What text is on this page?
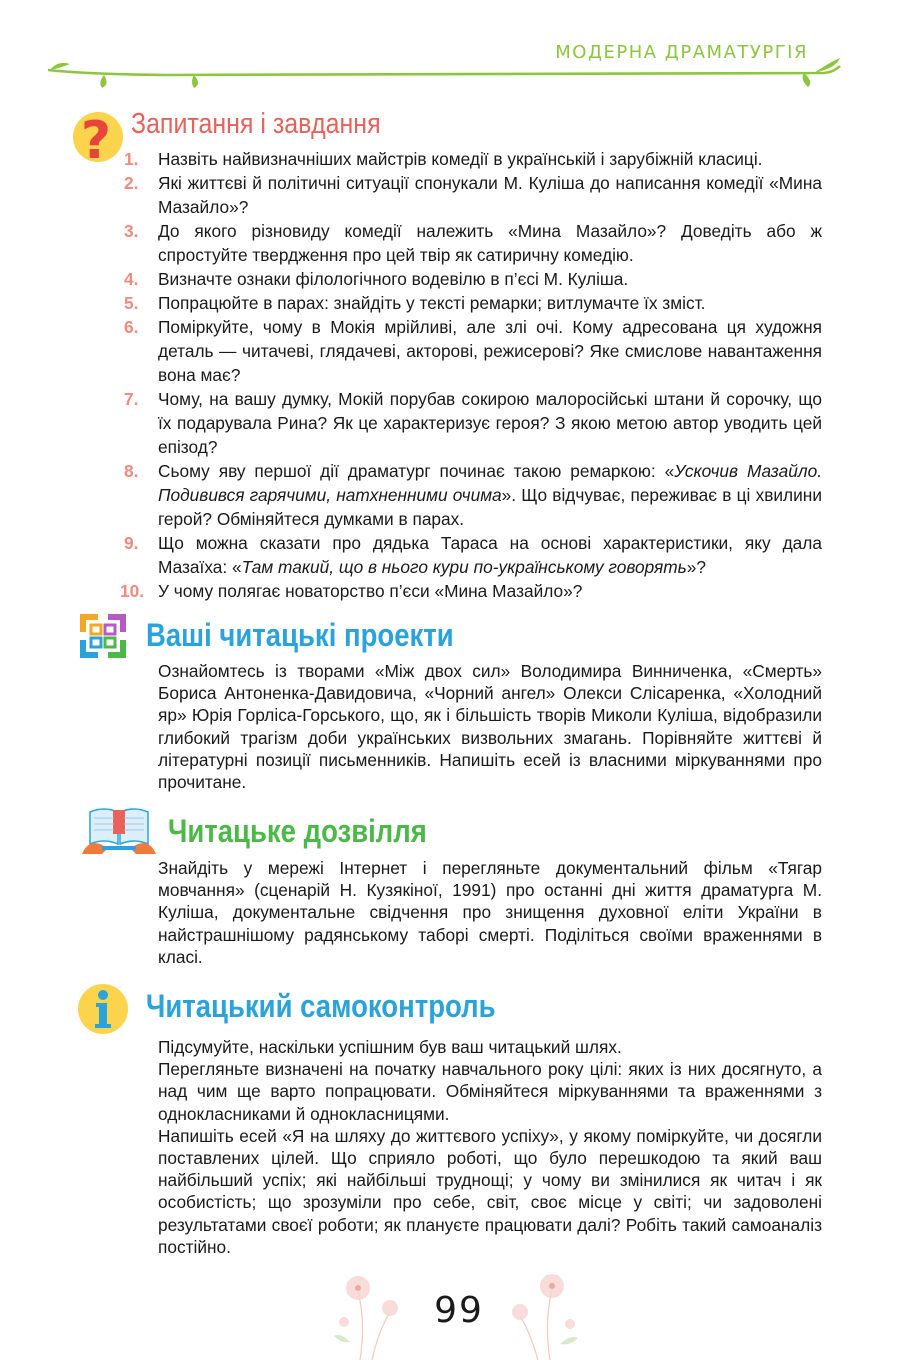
МОДЕРНА ДРАМАТУРГІЯ
? Запитання і завдання
1.	Назвіть найвизначніших майстрів комедії в українській і зарубіжній класиці.
2.	Які життєві й політичні ситуації спонукали М. Куліша до написання комедії «Мина Мазайло»?
3.	До якого різновиду комедії належить «Мина Мазайло»? Доведіть або ж спростуйте твердження про цей твір як сатиричну комедію.
4.	Визначте ознаки філологічного водевілю в п’єсі М. Куліша.
5.	Попрацюйте в парах: знайдіть у тексті ремарки; витлумачте їх зміст.
6.	Поміркуйте, чому в Мокія мрійливі, але злі очі. Кому адресована ця художня деталь — читачеві, глядачеві, акторові, режисерові? Яке смислове навантаження вона має?
7.	Чому, на вашу думку, Мокій порубав сокирою малоросійські штани й сорочку, що їх подарувала Рина? Як це характеризує героя? З якою метою автор уводить цей епізод?
8.	Сьому яву першої дії драматург починає такою ремаркою: «Ускочив Мазайло. Подивився гарячими, натхненними очима». Що відчуває, переживає в ці хвилини герой? Обміняйтеся думками в парах.
9.	Що можна сказати про дядька Тараса на основі характеристики, яку дала Мазаїха: «Там такий, що в нього кури по-українському говорять»?
10. У чому полягає новаторство п’єси «Мина Мазайло»?
Ваші читацькі проекти
Ознайомтесь із творами «Між двох сил» Володимира Винниченка, «Смерть» Бориса Антоненка-Давидовича, «Чорний ангел» Олекси Слісаренка, «Холодний яр» Юрія Горліса-Горського, що, як і більшість творів Миколи Куліша, відобразили глибокий трагізм доби українських визвольних змагань. Порівняйте життєві й літературні позиції письменників. Напишіть есей із власними міркуваннями про прочитане.
Читацьке дозвілля
Знайдіть у мережі Інтернет і перегляньте документальний фільм «Тягар мовчання» (сценарій Н. Кузякіної, 1991) про останні дні життя драматурга М. Куліша, документальне свідчення про знищення духовної еліти України в найстрашнішому радянському таборі смерті. Поділіться своїми враженнями в класі.
Читацький самоконтроль

Підсумуйте, наскільки успішним був ваш читацький шлях.

Перегляньте визначені на початку навчального року цілі: яких із них досягнуто, а над чим ще варто попрацювати. Обміняйтеся міркуваннями та враженнями з однокласниками й однокласницями.

Напишіть есей «Я на шляху до життєвого успіху», у якому поміркуйте, чи досягли поставлених цілей. Що сприяло роботі, що було перешкодою та який ваш найбільший успіх; які найбільші труднощі; у чому ви змінилися як читач і як особистість; що зрозуміли про себе, світ, своє місце у світі; чи задоволені результатами своєї роботи; як плануєте працювати далі? Робіть такий самоаналіз постійно.

99
